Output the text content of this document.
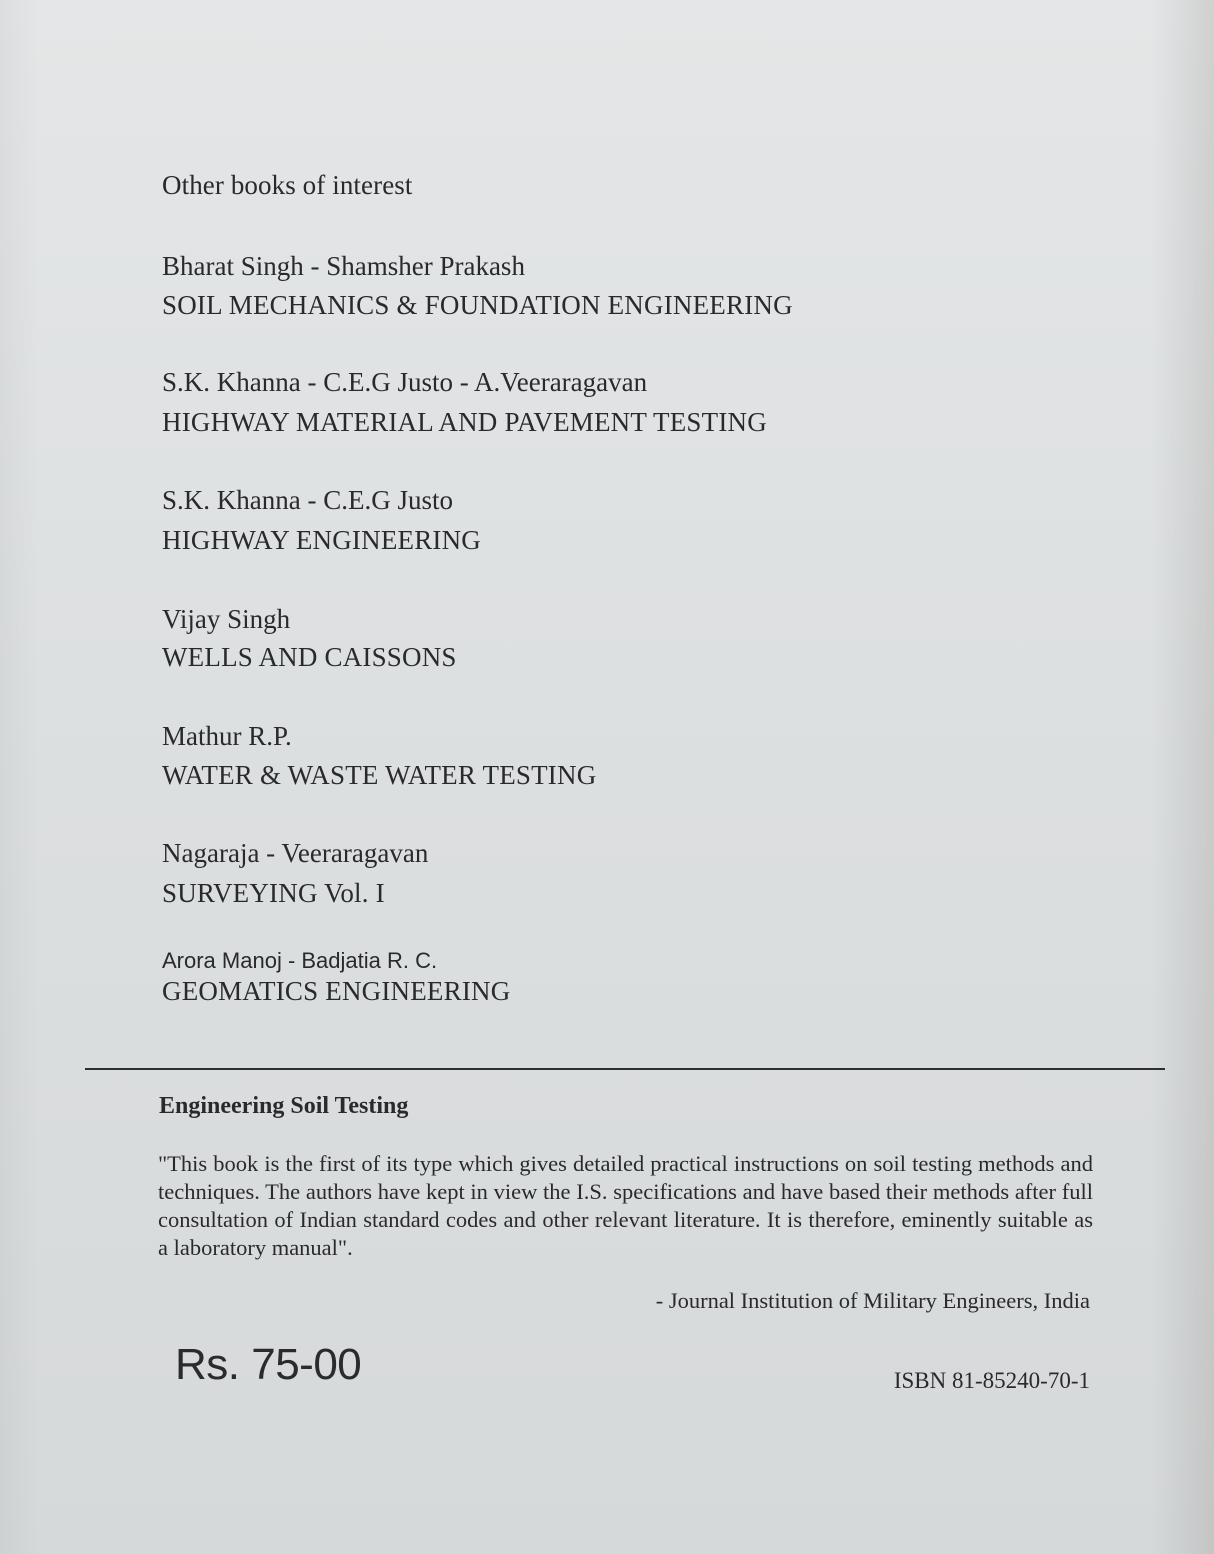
Other books of interest
Bharat Singh - Shamsher Prakash
SOIL MECHANICS & FOUNDATION ENGINEERING
S.K. Khanna - C.E.G Justo - A.Veeraragavan
HIGHWAY MATERIAL AND PAVEMENT TESTING
S.K. Khanna - C.E.G Justo
HIGHWAY ENGINEERING
Vijay Singh
WELLS AND CAISSONS
Mathur R.P.
WATER & WASTE WATER TESTING
Nagaraja - Veeraragavan
SURVEYING Vol. I
Arora Manoj - Badjatia R. C.
GEOMATICS ENGINEERING
Engineering Soil Testing
"This book is the first of its type which gives detailed practical instructions on soil testing methods and techniques. The authors have kept in view the I.S. specifications and have based their methods after full consultation of Indian standard codes and other relevant literature. It is therefore, eminently suitable as a laboratory manual".
- Journal Institution of Military Engineers, India
Rs. 75-00	ISBN 81-85240-70-1
